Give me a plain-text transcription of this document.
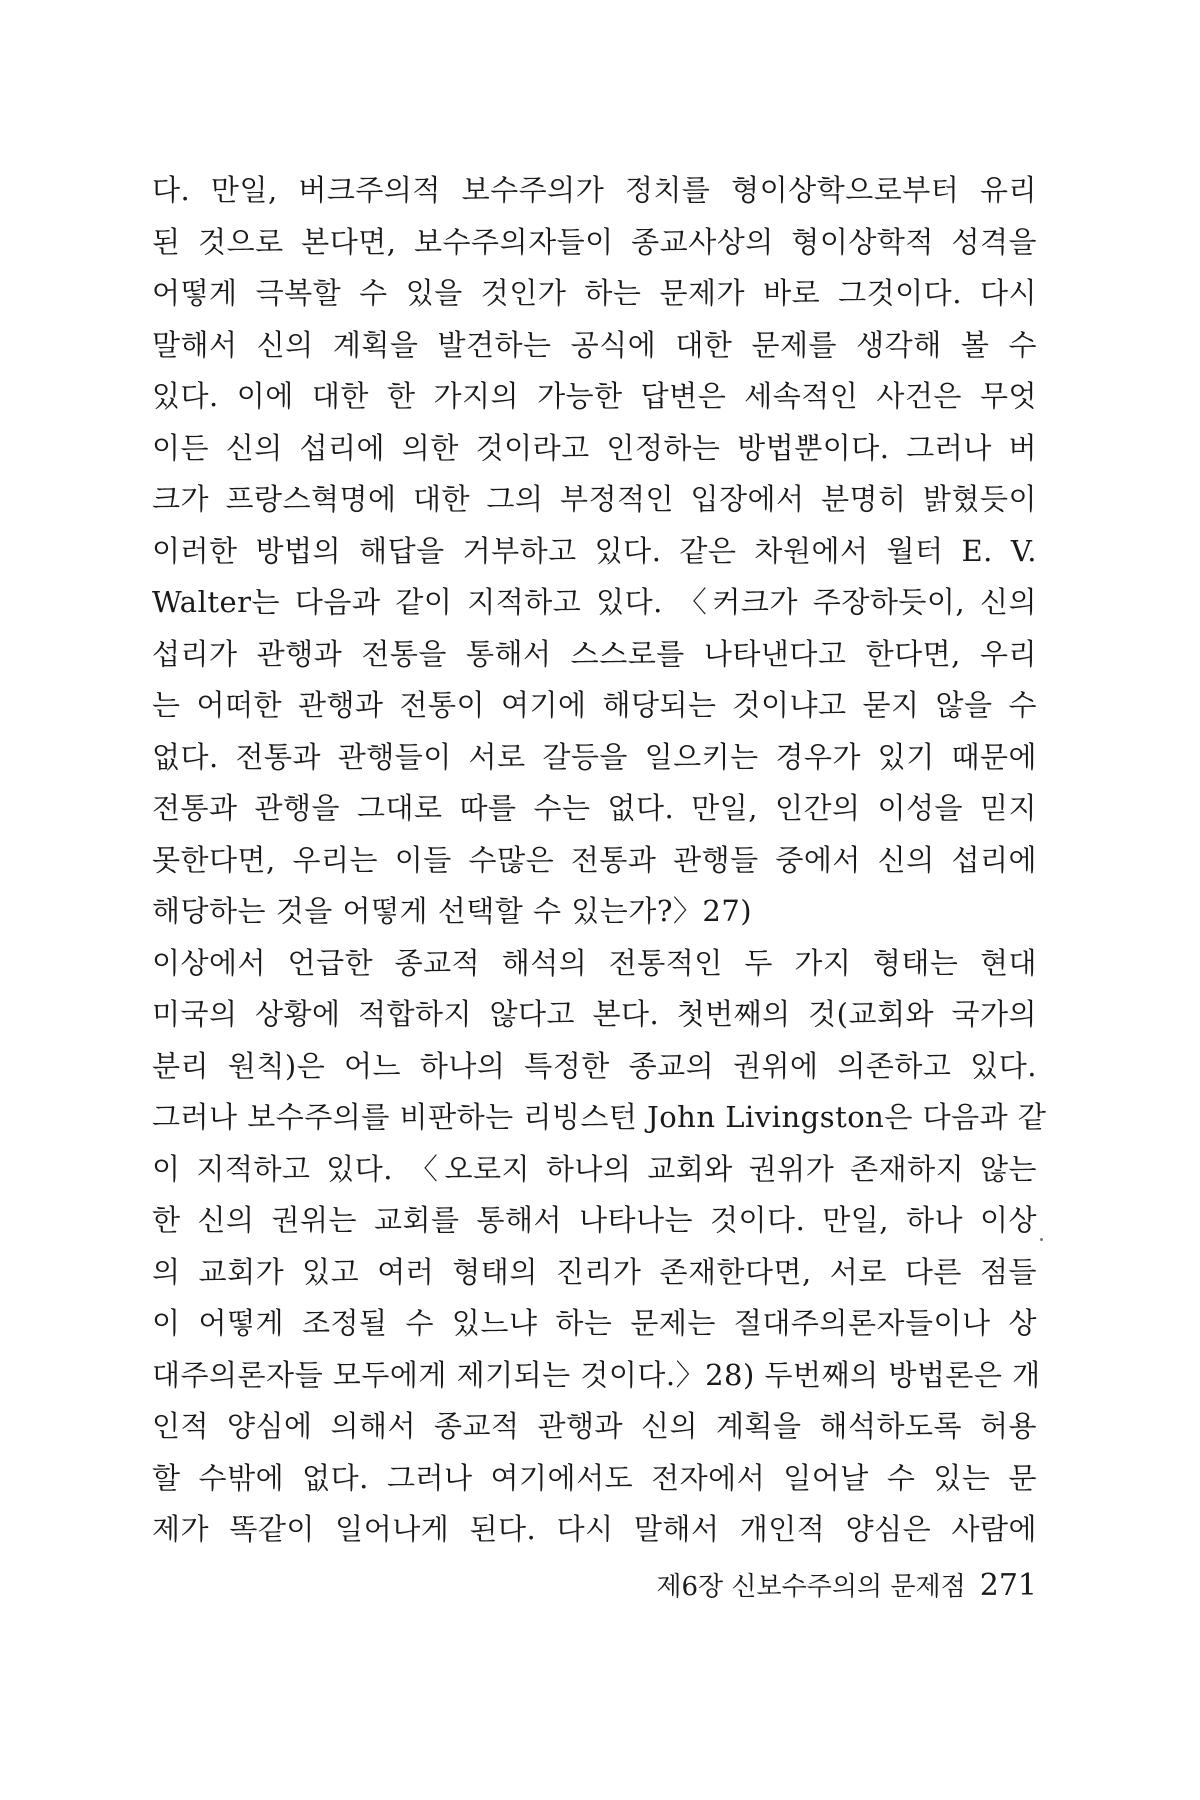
다. 만일, 버크주의적 보수주의가 정치를 형이상학으로부터 유리
된 것으로 본다면, 보수주의자들이 종교사상의 형이상학적 성격을
어떻게 극복할 수 있을 것인가 하는 문제가 바로 그것이다. 다시
말해서 신의 계획을 발견하는 공식에 대한 문제를 생각해 볼 수
있다. 이에 대한 한 가지의 가능한 답변은 세속적인 사건은 무엇
이든 신의 섭리에 의한 것이라고 인정하는 방법뿐이다. 그러나 버
크가 프랑스혁명에 대한 그의 부정적인 입장에서 분명히 밝혔듯이
이러한 방법의 해답을 거부하고 있다. 같은 차원에서 월터 E. V.
Walter는 다음과 같이 지적하고 있다. 〈커크가 주장하듯이, 신의
섭리가 관행과 전통을 통해서 스스로를 나타낸다고 한다면, 우리
는 어떠한 관행과 전통이 여기에 해당되는 것이냐고 묻지 않을 수
없다. 전통과 관행들이 서로 갈등을 일으키는 경우가 있기 때문에
전통과 관행을 그대로 따를 수는 없다. 만일, 인간의 이성을 믿지
못한다면, 우리는 이들 수많은 전통과 관행들 중에서 신의 섭리에
해당하는 것을 어떻게 선택할 수 있는가?〉27)
이상에서 언급한 종교적 해석의 전통적인 두 가지 형태는 현대
미국의 상황에 적합하지 않다고 본다. 첫번째의 것(교회와 국가의
분리 원칙)은 어느 하나의 특정한 종교의 권위에 의존하고 있다.
그러나 보수주의를 비판하는 리빙스턴 John Livingston은 다음과 같
이 지적하고 있다. 〈오로지 하나의 교회와 권위가 존재하지 않는
한 신의 권위는 교회를 통해서 나타나는 것이다. 만일, 하나 이상
의 교회가 있고 여러 형태의 진리가 존재한다면, 서로 다른 점들
이 어떻게 조정될 수 있느냐 하는 문제는 절대주의론자들이나 상
대주의론자들 모두에게 제기되는 것이다.〉28) 두번째의 방법론은 개
인적 양심에 의해서 종교적 관행과 신의 계획을 해석하도록 허용
할 수밖에 없다. 그러나 여기에서도 전자에서 일어날 수 있는 문
제가 똑같이 일어나게 된다. 다시 말해서 개인적 양심은 사람에
제6장 신보수주의의 문제점 271
